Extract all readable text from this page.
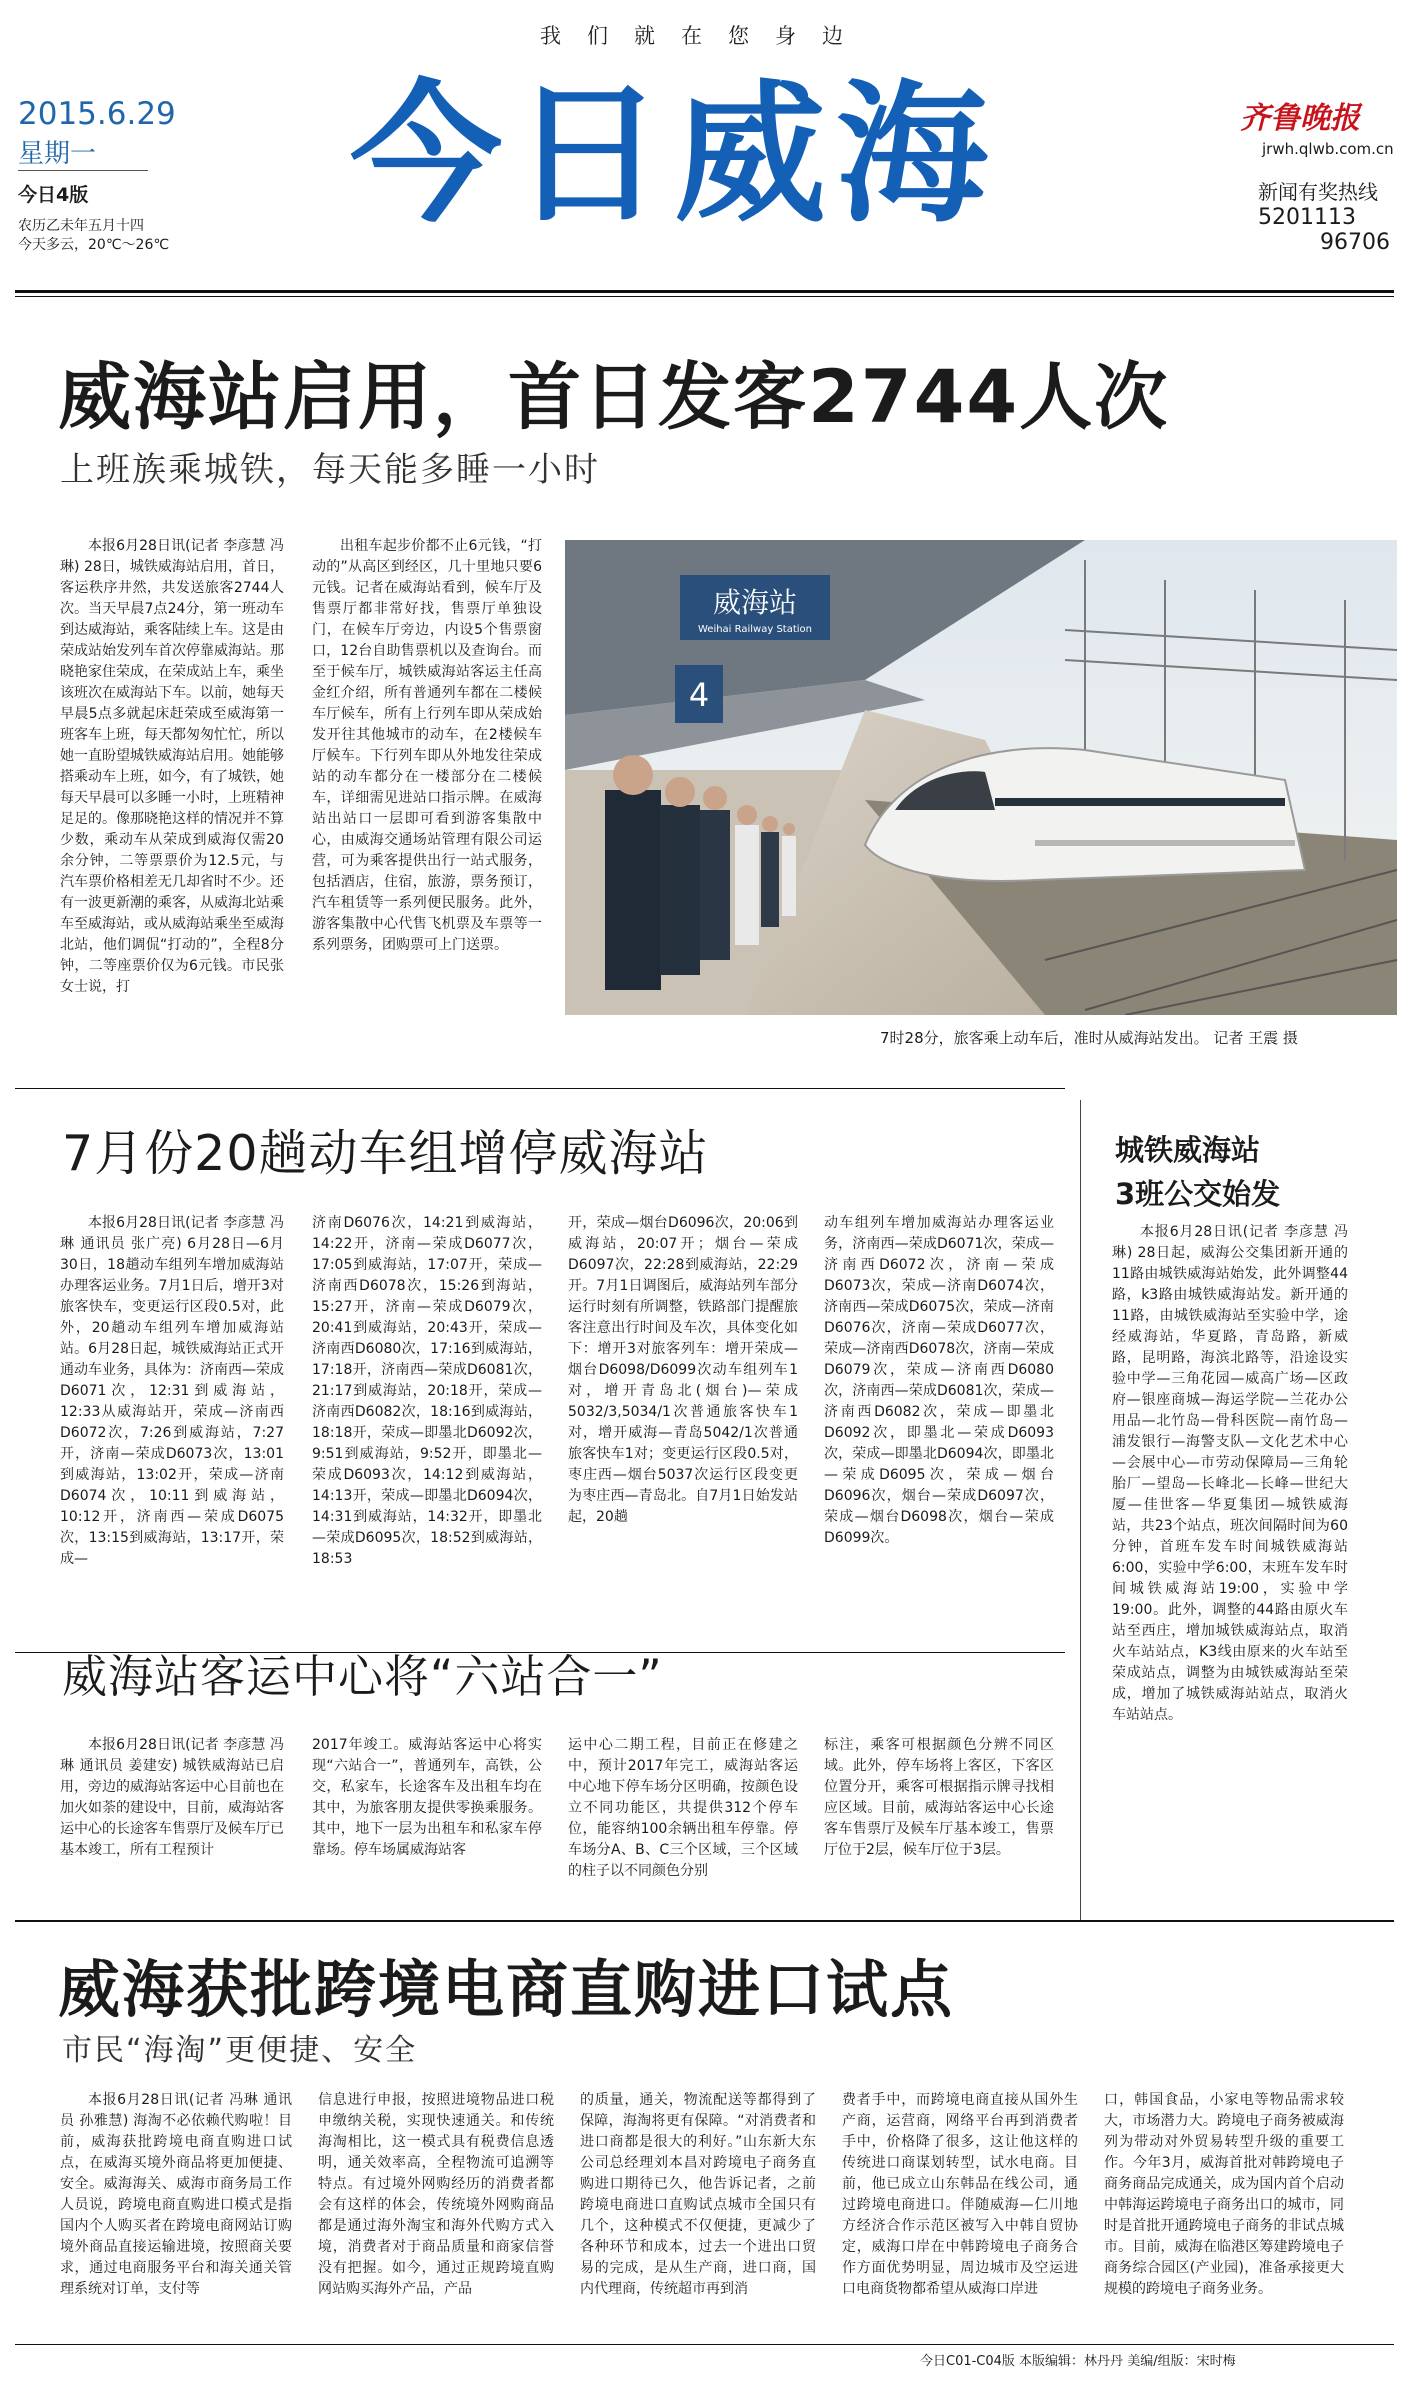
我们就在您身边
2015.6.29
星期一
今日4版
农历乙未年五月十四
今天多云，20℃～26℃
今日威海	齐鲁晚报
jrwh.qlwb.com.cn
新闻有奖热线
5201113
96706
威海站启用，首日发客2744人次
上班族乘城铁，每天能多睡一小时

本报6月28日讯(记者 李彦慧 冯琳) 28日，城铁威海站启用，首日，客运秩序井然，共发送旅客2744人次。当天早晨7点24分，第一班动车到达威海站，乘客陆续上车。这是由荣成站始发列车首次停靠威海站。那晓艳家住荣成，在荣成站上车，乘坐该班次在威海站下车。以前，她每天早晨5点多就起床赶荣成至威海第一班客车上班，每天都匆匆忙忙，所以她一直盼望城铁威海站启用。她能够搭乘动车上班，如今，有了城铁，她每天早晨可以多睡一小时，上班精神足足的。像那晓艳这样的情况并不算少数，乘动车从荣成到威海仅需20余分钟，二等票票价为12.5元，与汽车票价格相差无几却省时不少。还有一波更新潮的乘客，从威海北站乘车至威海站，或从威海站乘坐至威海北站，他们调侃“打动的”，全程8分钟，二等座票价仅为6元钱。市民张女士说，打

出租车起步价都不止6元钱，“打动的”从高区到经区，几十里地只要6元钱。记者在威海站看到，候车厅及售票厅都非常好找，售票厅单独设门，在候车厅旁边，内设5个售票窗口，12台自助售票机以及查询台。而至于候车厅，城铁威海站客运主任高金红介绍，所有普通列车都在二楼候车厅候车，所有上行列车即从荣成始发开往其他城市的动车，在2楼候车厅候车。下行列车即从外地发往荣成站的动车都分在一楼部分在二楼候车，详细需见进站口指示牌。在威海站出站口一层即可看到游客集散中心，由威海交通场站管理有限公司运营，可为乘客提供出行一站式服务，包括酒店，住宿，旅游，票务预订，汽车租赁等一系列便民服务。此外，游客集散中心代售飞机票及车票等一系列票务，团购票可上门送票。

威海站
Weihai Railway Station
4
7时28分，旅客乘上动车后，准时从威海站发出。 记者 王震 摄
7月份20趟动车组增停威海站

本报6月28日讯(记者 李彦慧 冯琳 通讯员 张广亮) 6月28日—6月30日，18趟动车组列车增加威海站办理客运业务。7月1日后，增开3对旅客快车，变更运行区段0.5对，此外，20趟动车组列车增加威海站站。6月28日起，城铁威海站正式开通动车业务，具体为：济南西—荣成D6071次，12:31到威海站，12:33从威海站开，荣成—济南西D6072次，7:26到威海站，7:27开，济南—荣成D6073次，13:01到威海站，13:02开，荣成—济南D6074次，10:11到威海站，10:12开，济南西—荣成D6075次，13:15到威海站，13:17开，荣成—

济南D6076次，14:21到威海站，14:22开，济南—荣成D6077次，17:05到威海站，17:07开，荣成—济南西D6078次，15:26到海站，15:27开，济南—荣成D6079次，20:41到威海站，20:43开，荣成—济南西D6080次，17:16到威海站，17:18开，济南西—荣成D6081次，21:17到威海站，20:18开，荣成—济南西D6082次，18:16到威海站，18:18开，荣成—即墨北D6092次，9:51到威海站，9:52开，即墨北—荣成D6093次，14:12到威海站，14:13开，荣成—即墨北D6094次，14:31到威海站，14:32开，即墨北—荣成D6095次，18:52到威海站，18:53

开，荣成—烟台D6096次，20:06到威海站，20:07开；烟台—荣成D6097次，22:28到威海站，22:29开。7月1日调图后，威海站列车部分运行时刻有所调整，铁路部门提醒旅客注意出行时间及车次，具体变化如下：增开3对旅客列车：增开荣成—烟台D6098/D6099次动车组列车1对，增开青岛北(烟台)—荣成5032/3,5034/1次普通旅客快车1对，增开威海—青岛5042/1次普通旅客快车1对；变更运行区段0.5对，枣庄西—烟台5037次运行区段变更为枣庄西—青岛北。自7月1日始发站起，20趟

动车组列车增加威海站办理客运业务，济南西—荣成D6071次，荣成—济南西D6072次，济南—荣成D6073次，荣成—济南D6074次，济南西—荣成D6075次，荣成—济南D6076次，济南—荣成D6077次，荣成—济南西D6078次，济南—荣成D6079次，荣成—济南西D6080次，济南西—荣成D6081次，荣成—济南西D6082次，荣成—即墨北D6092次，即墨北—荣成D6093次，荣成—即墨北D6094次，即墨北—荣成D6095次，荣成—烟台D6096次，烟台—荣成D6097次，荣成—烟台D6098次，烟台—荣成D6099次。

城铁威海站
3班公交始发

本报6月28日讯(记者 李彦慧 冯琳) 28日起，威海公交集团新开通的11路由城铁威海站始发，此外调整44路，k3路由城铁威海站发。新开通的11路，由城铁威海站至实验中学，途经威海站，华夏路，青岛路，新威路，昆明路，海滨北路等，沿途设实验中学—三角花园—威高广场—区政府—银座商城—海运学院—兰花办公用品—北竹岛—骨科医院—南竹岛—浦发银行—海警支队—文化艺术中心—会展中心—市劳动保障局—三角轮胎厂—望岛—长峰北—长峰—世纪大厦—佳世客—华夏集团—城铁威海站，共23个站点，班次间隔时间为60分钟，首班车发车时间城铁威海站6:00，实验中学6:00，末班车发车时间城铁威海站19:00，实验中学19:00。此外，调整的44路由原火车站至西庄，增加城铁威海站点，取消火车站站点，K3线由原来的火车站至荣成站点，调整为由城铁威海站至荣成，增加了城铁威海站站点，取消火车站站点。

威海站客运中心将“六站合一”

本报6月28日讯(记者 李彦慧 冯琳 通讯员 姜建安) 城铁威海站已启用，旁边的威海站客运中心目前也在加火如荼的建设中，目前，威海站客运中心的长途客车售票厅及候车厅已基本竣工，所有工程预计

2017年竣工。威海站客运中心将实现“六站合一”，普通列车，高铁，公交，私家车，长途客车及出租车均在其中，为旅客朋友提供零换乘服务。其中，地下一层为出租车和私家车停靠场。停车场属威海站客

运中心二期工程，目前正在修建之中，预计2017年完工，威海站客运中心地下停车场分区明确，按颜色设立不同功能区，共提供312个停车位，能容纳100余辆出租车停靠。停车场分A、B、C三个区域，三个区域的柱子以不同颜色分别

标注，乘客可根据颜色分辨不同区域。此外，停车场将上客区，下客区位置分开，乘客可根据指示牌寻找相应区域。目前，威海站客运中心长途客车售票厅及候车厅基本竣工，售票厅位于2层，候车厅位于3层。

威海获批跨境电商直购进口试点
市民“海淘”更便捷、安全

本报6月28日讯(记者 冯琳 通讯员 孙雅慧) 海淘不必依赖代购啦！目前，威海获批跨境电商直购进口试点，在威海买境外商品将更加便捷、安全。威海海关、威海市商务局工作人员说，跨境电商直购进口模式是指国内个人购买者在跨境电商网站订购境外商品直接运输进境，按照商关要求，通过电商服务平台和海关通关管理系统对订单，支付等

信息进行申报，按照进境物品进口税申缴纳关税，实现快速通关。和传统海淘相比，这一模式具有税费信息透明，通关效率高，全程物流可追溯等特点。有过境外网购经历的消费者都会有这样的体会，传统境外网购商品都是通过海外淘宝和海外代购方式入境，消费者对于商品质量和商家信誉没有把握。如今，通过正规跨境直购网站购买海外产品，产品

的质量，通关，物流配送等都得到了保障，海淘将更有保障。“对消费者和进口商都是很大的利好。”山东新大东公司总经理刘本昌对跨境电子商务直购进口期待已久，他告诉记者，之前跨境电商进口直购试点城市全国只有几个，这种模式不仅便捷，更减少了各种环节和成本，过去一个进出口贸易的完成，是从生产商，进口商，国内代理商，传统超市再到消

费者手中，而跨境电商直接从国外生产商，运营商，网络平台再到消费者手中，价格降了很多，这让他这样的传统进口商谋划转型，试水电商。目前，他已成立山东韩品在线公司，通过跨境电商进口。伴随威海—仁川地方经济合作示范区被写入中韩自贸协定，威海口岸在中韩跨境电子商务合作方面优势明显，周边城市及空运进口电商货物都希望从威海口岸进

口，韩国食品，小家电等物品需求较大，市场潜力大。跨境电子商务被威海列为带动对外贸易转型升级的重要工作。今年3月，威海首批对韩跨境电子商务商品完成通关，成为国内首个启动中韩海运跨境电子商务出口的城市，同时是首批开通跨境电子商务的非试点城市。目前，威海在临港区筹建跨境电子商务综合园区(产业园)，准备承接更大规模的跨境电子商务业务。

今日C01-C04版 本版编辑：林丹丹 美编/组版：宋时梅
